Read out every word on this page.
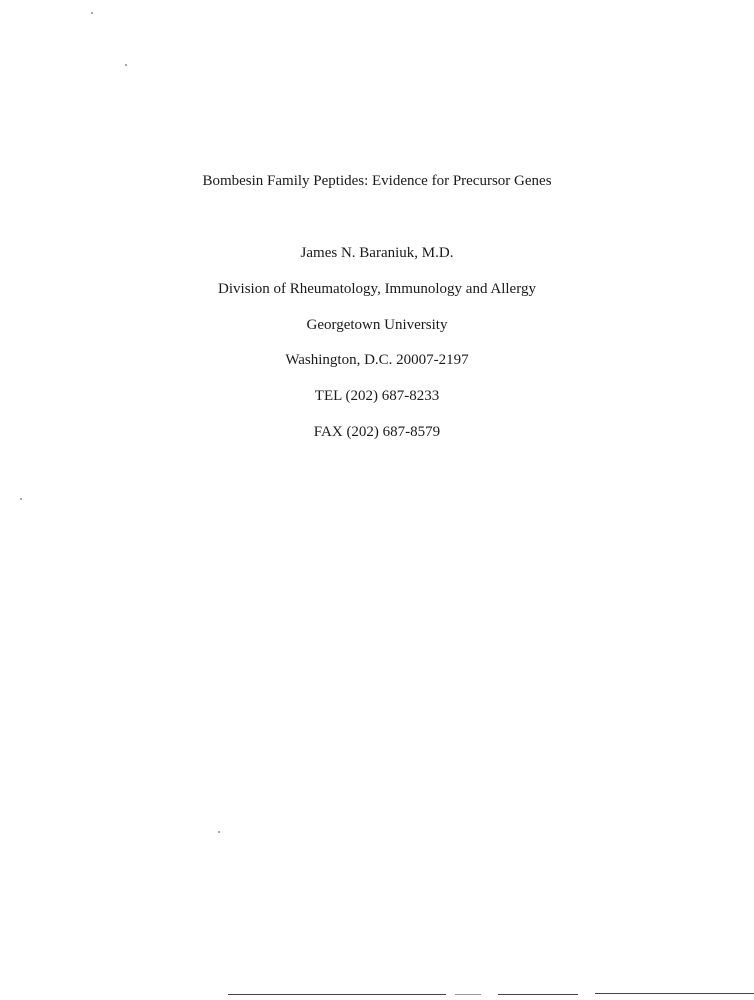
Bombesin Family Peptides: Evidence for Precursor Genes
James N. Baraniuk, M.D.
Division of Rheumatology, Immunology and Allergy
Georgetown University
Washington, D.C. 20007-2197
TEL (202) 687-8233
FAX (202) 687-8579
